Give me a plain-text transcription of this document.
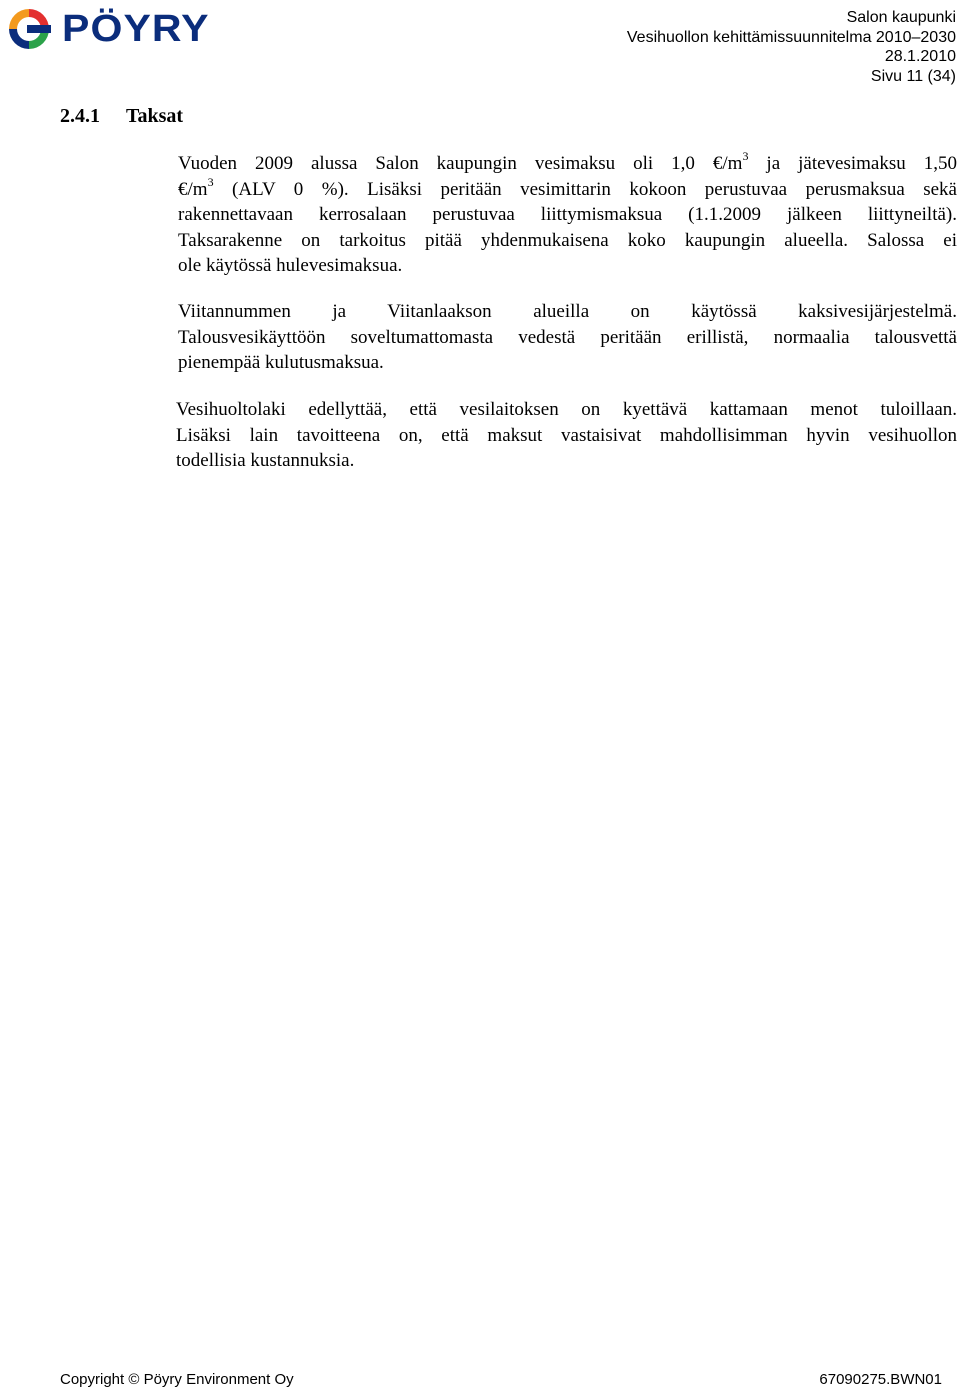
PÖYRY	Salon kaupunki
Vesihuollon kehittämissuunnitelma 2010–2030
28.1.2010
Sivu 11 (34)
2.4.1 Taksat
Vuoden 2009 alussa Salon kaupungin vesimaksu oli 1,0 $€/m^3$ ja jätevesimaksu 1,50
$€/m^3$ (ALV 0 %). Lisäksi peritään vesimittarin kokoon perustuvaa perusmaksua sekä
rakennettavaan kerrosalaan perustuvaa liittymismaksua (1.1.2009 jälkeen liittyneiltä).
Taksarakenne on tarkoitus pitää yhdenmukaisena koko kaupungin alueella. Salossa ei
ole käytössä hulevesimaksua.
Viitannummen ja Viitanlaakson alueilla on käytössä kaksivesijärjestelmä.
Talousvesikäyttöön soveltumattomasta vedestä peritään erillistä, normaalia talousvettä
pienempää kulutusmaksua.
Vesihuoltolaki edellyttää, että vesilaitoksen on kyettävä kattamaan menot tuloillaan.
Lisäksi lain tavoitteena on, että maksut vastaisivat mahdollisimman hyvin vesihuollon
todellisia kustannuksia.
Copyright © Pöyry Environment Oy	67090275.BWN01
